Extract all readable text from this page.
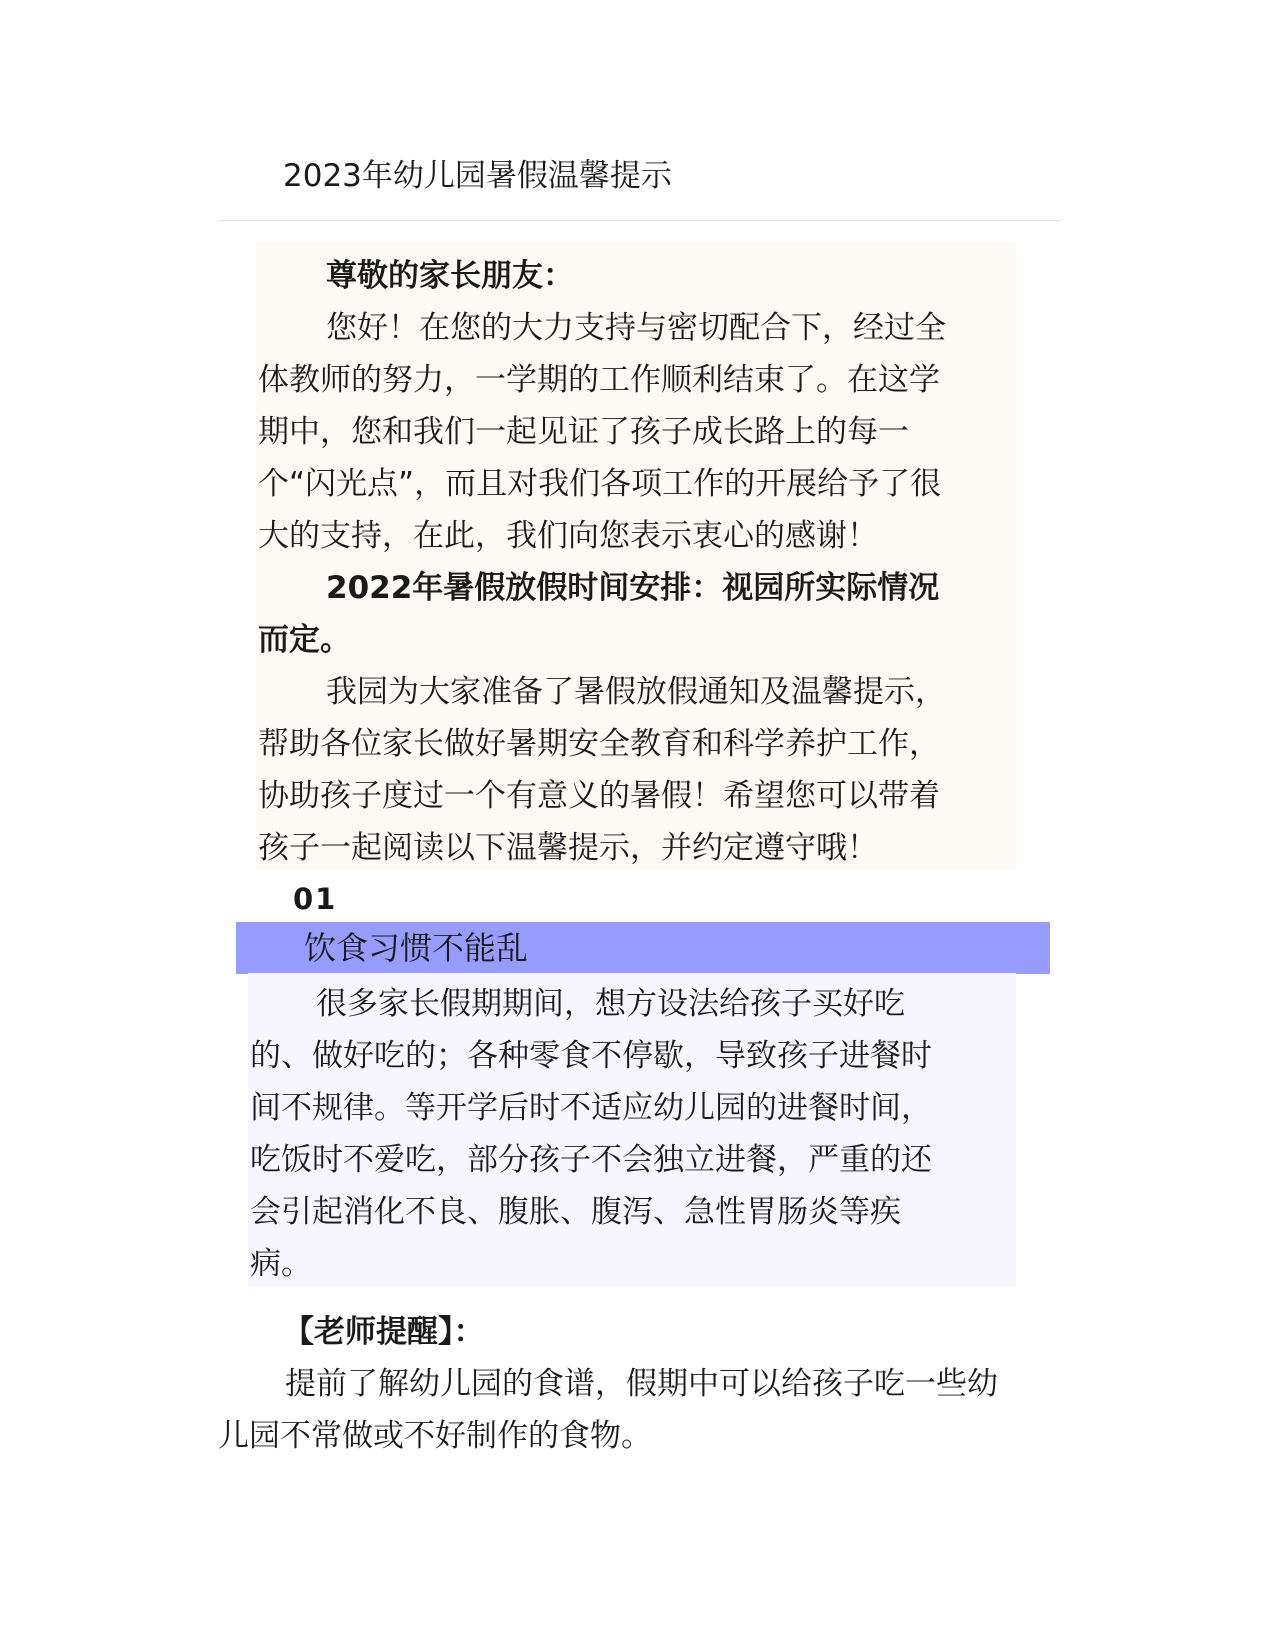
2023年幼儿园暑假温馨提示
尊敬的家长朋友：
您好！在您的大力支持与密切配合下，经过全
体教师的努力，一学期的工作顺利结束了。在这学
期中，您和我们一起见证了孩子成长路上的每一
个“闪光点”，而且对我们各项工作的开展给予了很
大的支持，在此，我们向您表示衷心的感谢！
2022年暑假放假时间安排：视园所实际情况
而定。
我园为大家准备了暑假放假通知及温馨提示，
帮助各位家长做好暑期安全教育和科学养护工作，
协助孩子度过一个有意义的暑假！希望您可以带着
孩子一起阅读以下温馨提示，并约定遵守哦！
01
饮食习惯不能乱
很多家长假期期间，想方设法给孩子买好吃
的、做好吃的；各种零食不停歇，导致孩子进餐时
间不规律。等开学后时不适应幼儿园的进餐时间，
吃饭时不爱吃，部分孩子不会独立进餐，严重的还
会引起消化不良、腹胀、腹泻、急性胃肠炎等疾
病。
【老师提醒】：
提前了解幼儿园的食谱，假期中可以给孩子吃一些幼
儿园不常做或不好制作的食物。
